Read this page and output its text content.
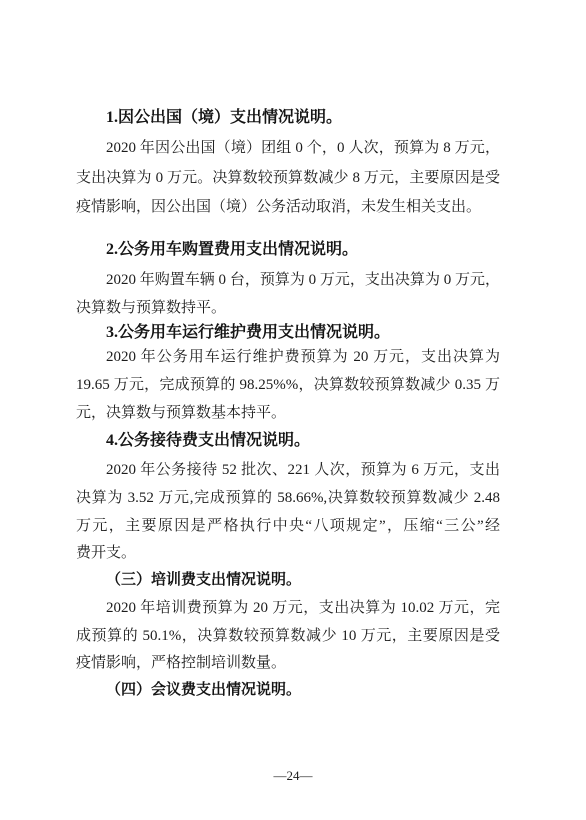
1.因公出国（境）支出情况说明。
2020 年因公出国（境）团组 0 个，0 人次，预算为 8 万元，
支出决算为 0 万元。决算数较预算数减少 8 万元，主要原因是受
疫情影响，因公出国（境）公务活动取消，未发生相关支出。
2.公务用车购置费用支出情况说明。
2020 年购置车辆 0 台，预算为 0 万元，支出决算为 0 万元，
决算数与预算数持平。
3.公务用车运行维护费用支出情况说明。
2020 年公务用车运行维护费预算为 20 万元，支出决算为
19.65 万元，完成预算的 98.25%%，决算数较预算数减少 0.35 万
元，决算数与预算数基本持平。
4.公务接待费支出情况说明。
2020 年公务接待 52 批次、221 人次，预算为 6 万元，支出
决算为 3.52 万元,完成预算的 58.66%,决算数较预算数减少 2.48
万元，主要原因是严格执行中央“八项规定”，压缩“三公”经
费开支。
（三）培训费支出情况说明。
2020 年培训费预算为 20 万元，支出决算为 10.02 万元，完
成预算的 50.1%，决算数较预算数减少 10 万元，主要原因是受
疫情影响，严格控制培训数量。
（四）会议费支出情况说明。
—24—
